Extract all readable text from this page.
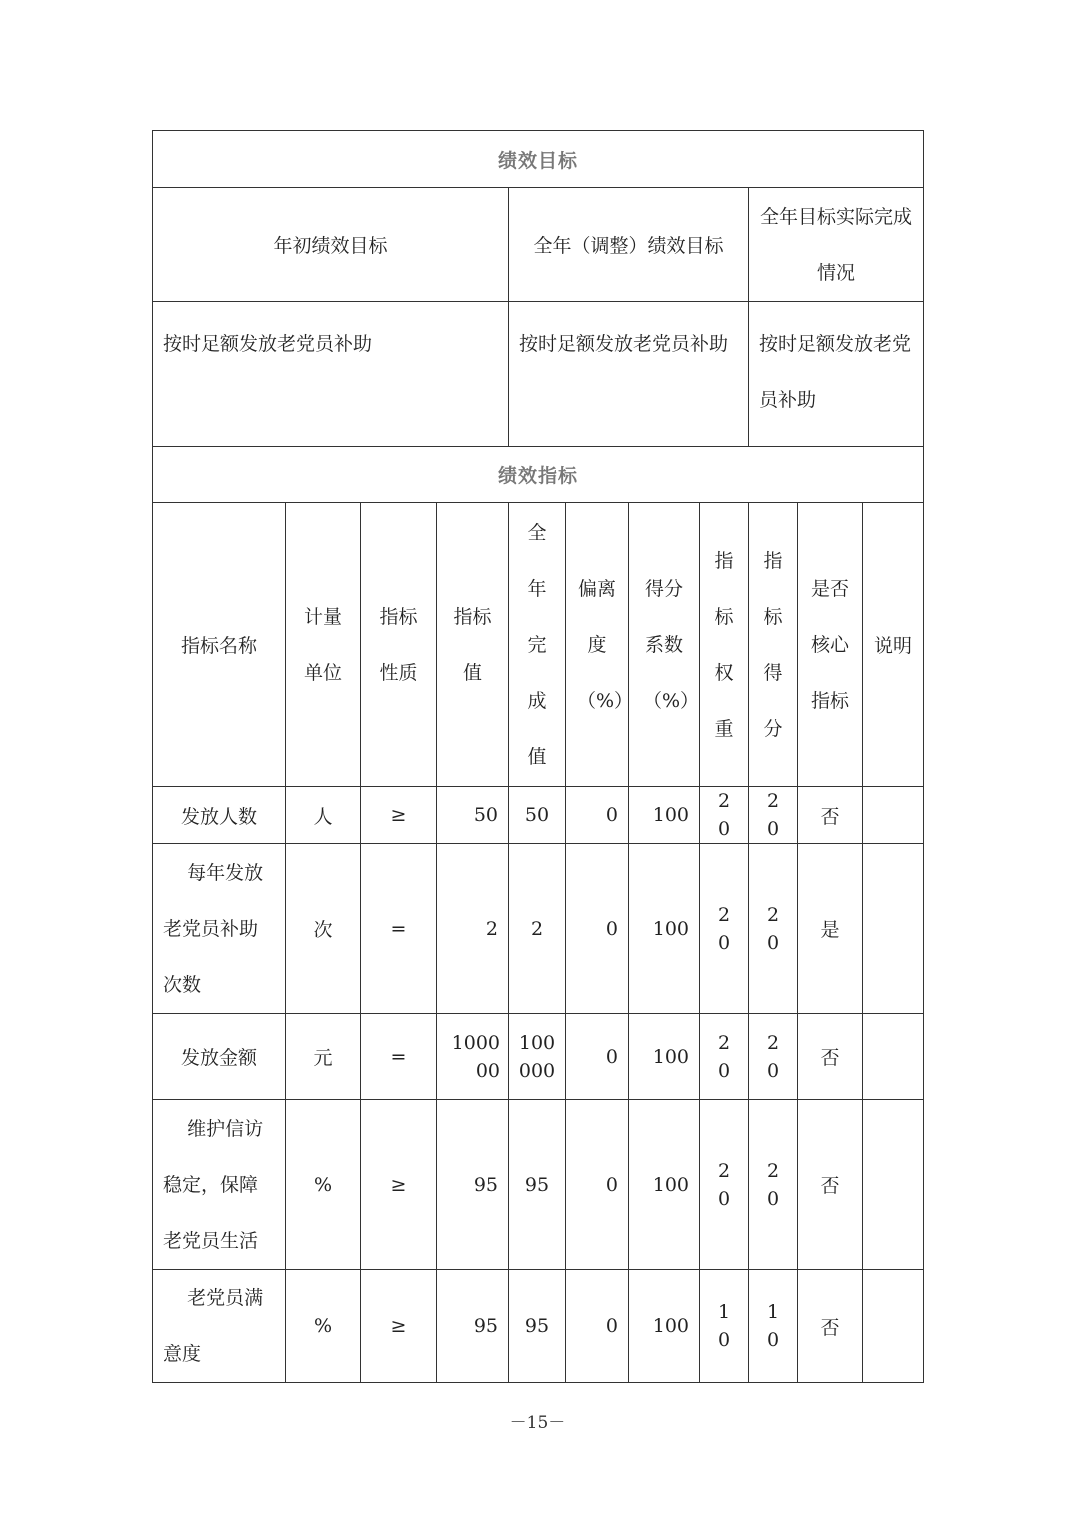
绩效目标										
年初绩效目标				全年（调整）绩效目标				全年目标实际完成情况		
按时足额发放老党员补助				按时足额发放老党员补助				按时足额发放老党员补助		
绩效指标										
指标名称	计量单位	指标性质	指标值	全年完成值	偏离度（%）	得分系数（%）	指标权重	指标得分	是否核心指标	说明
发放人数	人	≥	50	50	0	100	20	20	否	
每年发放老党员补助次数	次	=	2	2	0	100	20	20	是	
发放金额	元	=	100000	100000	0	100	20	20	否	
维护信访稳定，保障老党员生活	%	≥	95	95	0	100	20	20	否	
老党员满意度	%	≥	95	95	0	100	10	10	否	
－15－
